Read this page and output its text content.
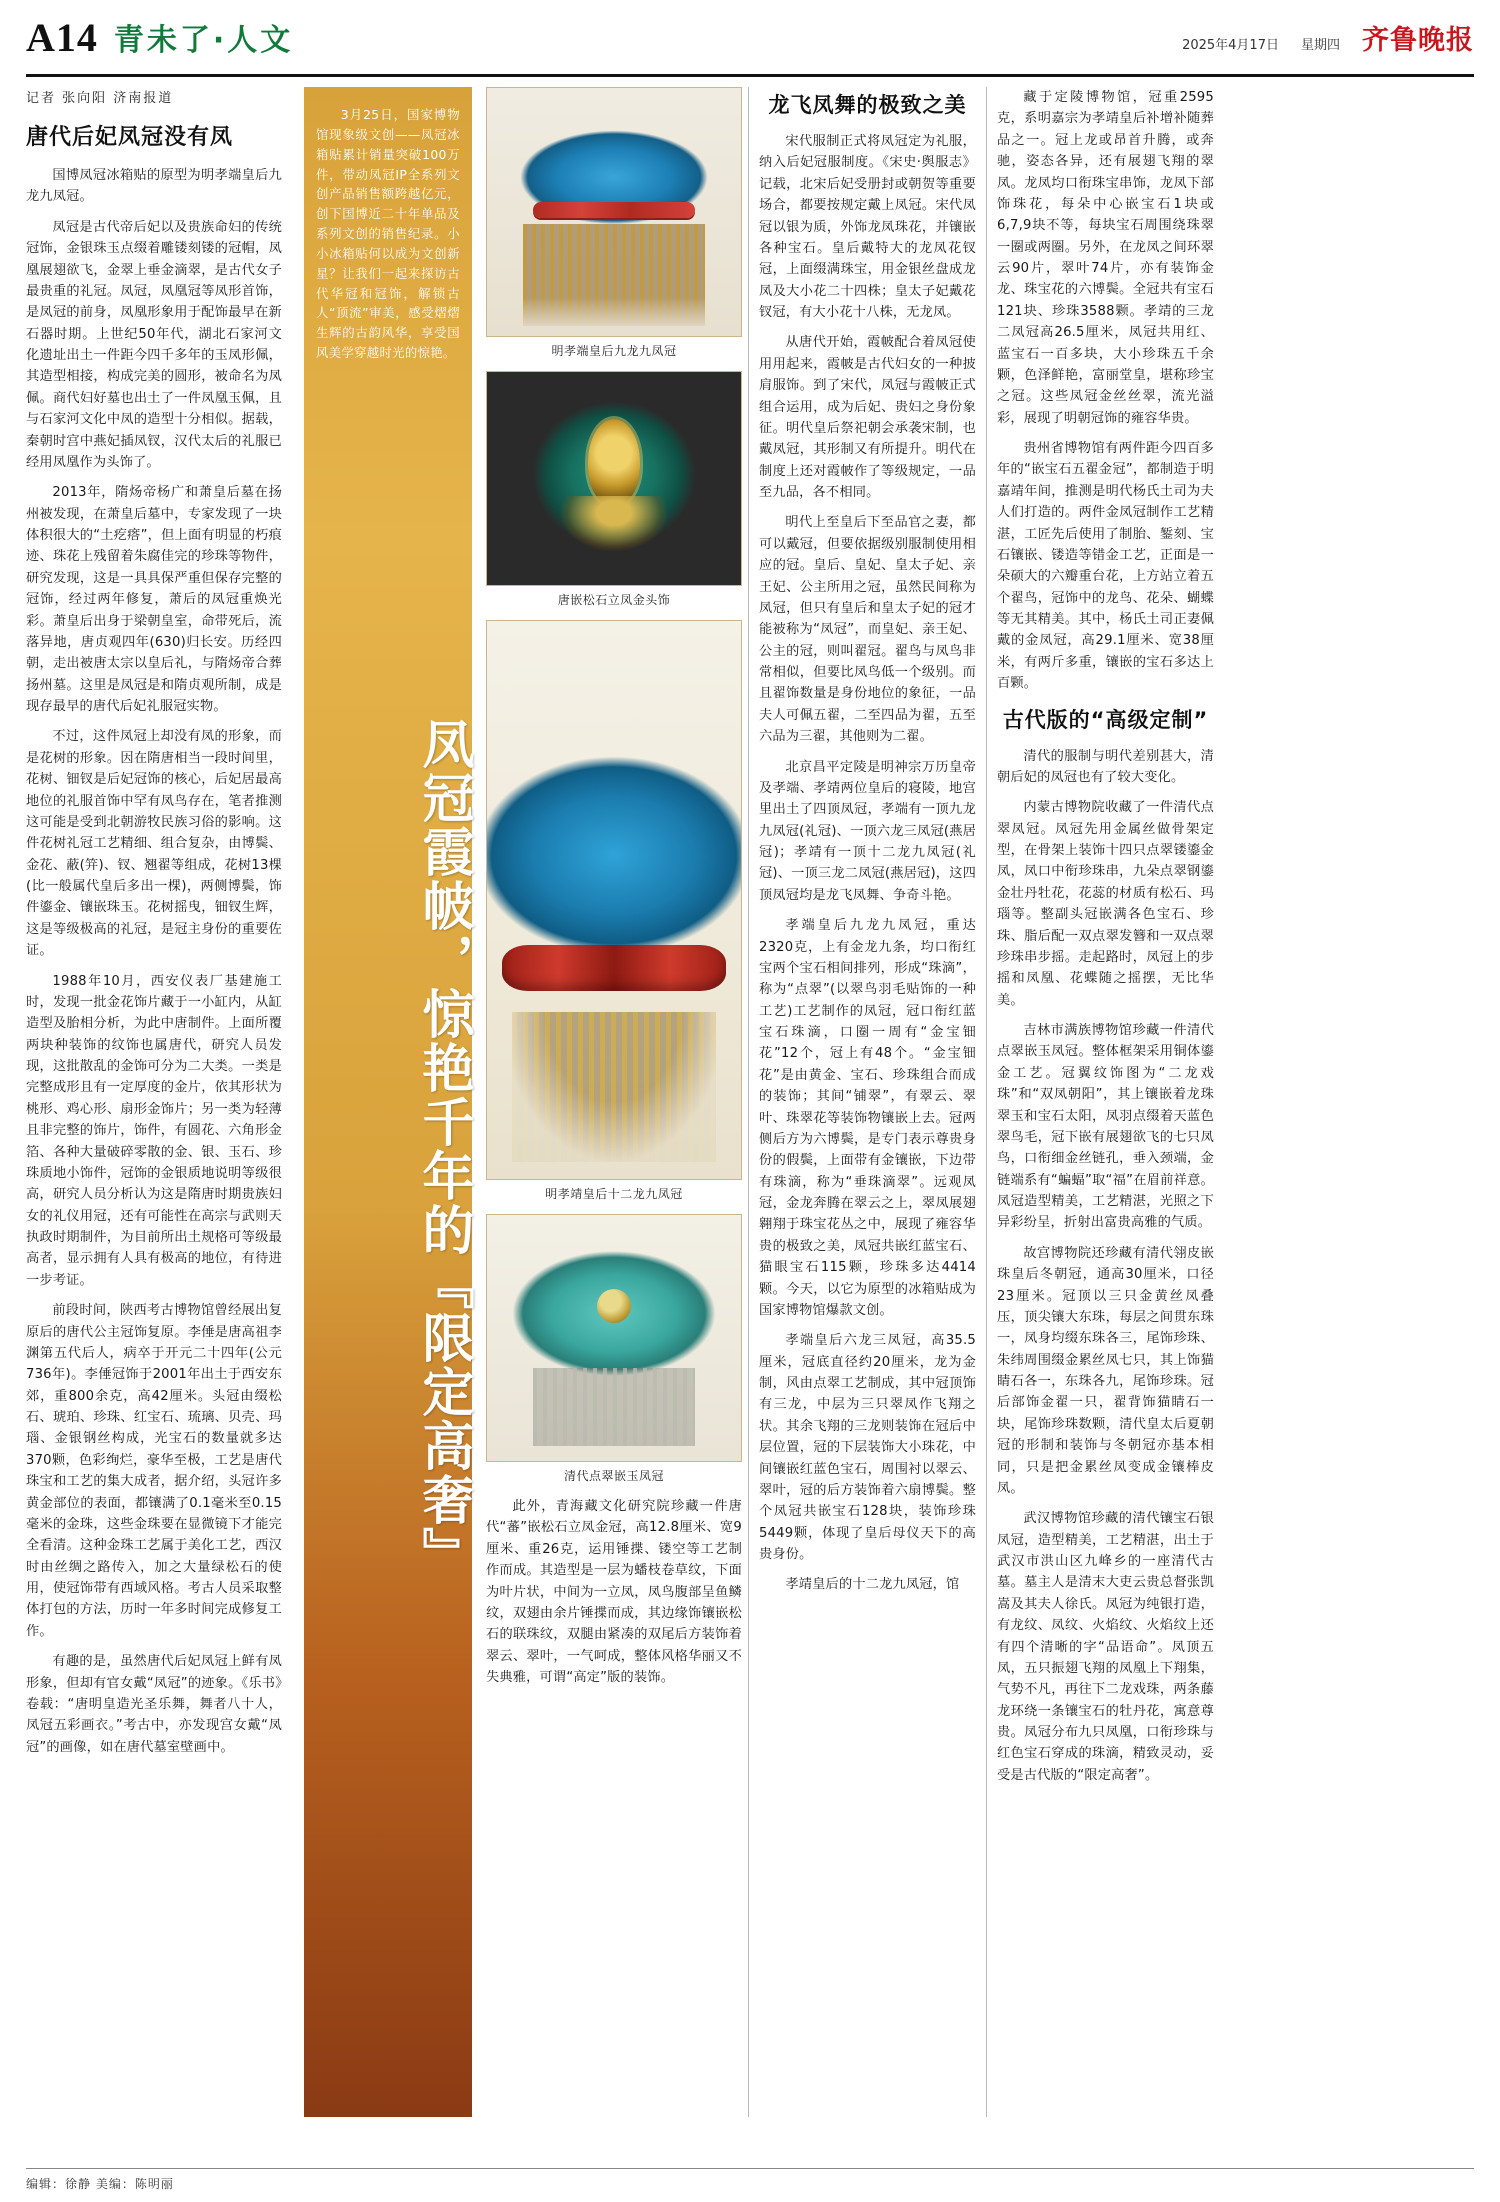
A14 青未了·人文	2025年4月17日 星期四 齐鲁晚报
记者 张向阳 济南报道
唐代后妃凤冠没有凤

国博凤冠冰箱贴的原型为明孝端皇后九龙九凤冠。

凤冠是古代帝后妃以及贵族命妇的传统冠饰，金银珠玉点缀着雕镂刻镂的冠帽，凤凰展翅欲飞，金翠上垂金滴翠，是古代女子最贵重的礼冠。凤冠，凤凰冠等凤形首饰，是凤冠的前身，凤凰形象用于配饰最早在新石器时期。上世纪50年代，湖北石家河文化遗址出土一件距今四千多年的玉凤形佩，其造型相接，构成完美的圆形，被命名为凤佩。商代妇好墓也出土了一件凤凰玉佩，且与石家河文化中凤的造型十分相似。据载，秦朝时宫中燕妃插凤钗，汉代太后的礼服已经用凤凰作为头饰了。

2013年，隋炀帝杨广和萧皇后墓在扬州被发现，在萧皇后墓中，专家发现了一块体积很大的“土疙瘩”，但上面有明显的朽痕迹、珠花上残留着朱腐佳完的珍珠等物件，研究发现，这是一具具保严重但保存完整的冠饰，经过两年修复，萧后的凤冠重焕光彩。萧皇后出身于梁朝皇室，命带死后，流落异地，唐贞观四年(630)归长安。历经四朝，走出被唐太宗以皇后礼，与隋炀帝合葬扬州墓。这里是凤冠是和隋贞观所制，成是现存最早的唐代后妃礼服冠实物。

不过，这件凤冠上却没有凤的形象，而是花树的形象。因在隋唐相当一段时间里，花树、钿钗是后妃冠饰的核心，后妃居最高地位的礼服首饰中罕有凤鸟存在，笔者推测这可能是受到北朝游牧民族习俗的影响。这件花树礼冠工艺精细、组合复杂，由博鬓、金花、蔽(笄)、钗、翘翟等组成，花树13棵(比一般属代皇后多出一棵)，两侧博鬓，饰件鎏金、镶嵌珠玉。花树摇曳，钿钗生辉，这是等级极高的礼冠，是冠主身份的重要佐证。

1988年10月，西安仪表厂基建施工时，发现一批金花饰片藏于一小缸内，从缸造型及胎相分析，为此中唐制件。上面所覆两块种装饰的纹饰也属唐代，研究人员发现，这批散乱的金饰可分为二大类。一类是完整成形且有一定厚度的金片，依其形状为桃形、鸡心形、扇形金饰片；另一类为轻薄且非完整的饰片，饰件，有圆花、六角形金箔、各种大量破碎零散的金、银、玉石、珍珠质地小饰件，冠饰的金银质地说明等级很高，研究人员分析认为这是隋唐时期贵族妇女的礼仪用冠，还有可能性在高宗与武则天执政时期制件，为目前所出土规格可等级最高者，显示拥有人具有极高的地位，有待进一步考证。

前段时间，陕西考古博物馆曾经展出复原后的唐代公主冠饰复原。李倕是唐高祖李渊第五代后人，病卒于开元二十四年(公元736年)。李倕冠饰于2001年出土于西安东郊，重800余克，高42厘米。头冠由缀松石、琥珀、珍珠、红宝石、琉璃、贝壳、玛瑙、金银钢丝构成，光宝石的数量就多达370颗，色彩绚烂，豪华至极，工艺是唐代珠宝和工艺的集大成者，据介绍，头冠许多黄金部位的表面，都镶满了0.1毫米至0.15毫米的金珠，这些金珠要在显微镜下才能完全看清。这种金珠工艺属于美化工艺，西汉时由丝绸之路传入，加之大量绿松石的使用，使冠饰带有西域风格。考古人员采取整体打包的方法，历时一年多时间完成修复工作。

有趣的是，虽然唐代后妃凤冠上鲜有凤形象，但却有官女戴“凤冠”的迹象。《乐书》卷载：“唐明皇造光圣乐舞，舞者八十人，凤冠五彩画衣。”考古中，亦发现宫女戴“凤冠”的画像，如在唐代墓室壁画中。

3月25日，国家博物馆现象级文创——凤冠冰箱贴累计销量突破100万件，带动凤冠IP全系列文创产品销售额跨越亿元，创下国博近二十年单品及系列文创的销售纪录。小小冰箱贴何以成为文创新星？让我们一起来探访古代华冠和冠饰，解锁古人“顶流”审美，感受熠熠生辉的古韵风华，享受国风美学穿越时光的惊艳。
凤冠霞帔，惊艳千年的『限定高奢』
明孝端皇后九龙九凤冠
唐嵌松石立凤金头饰
明孝靖皇后十二龙九凤冠
清代点翠嵌玉凤冠

此外，青海藏文化研究院珍藏一件唐代“蕃”嵌松石立凤金冠，高12.8厘米、宽9厘米、重26克，运用锤揲、镂空等工艺制作而成。其造型是一层为蟠枝卷草纹，下面为叶片状，中间为一立凤，凤鸟腹部呈鱼鳞纹，双翅由余片锤揲而成，其边缘饰镶嵌松石的联珠纹，双腿由紧凑的双尾后方装饰着翠云、翠叶，一气呵成，整体风格华丽又不失典雅，可谓“高定”版的装饰。

龙飞凤舞的极致之美

宋代服制正式将凤冠定为礼服，纳入后妃冠服制度。《宋史·舆服志》记载，北宋后妃受册封或朝贺等重要场合，都要按规定戴上凤冠。宋代凤冠以银为质，外饰龙凤珠花，并镶嵌各种宝石。皇后戴特大的龙凤花钗冠，上面缀满珠宝，用金银丝盘成龙凤及大小花二十四株；皇太子妃戴花钗冠，有大小花十八株，无龙凤。

从唐代开始，霞帔配合着凤冠使用用起来，霞帔是古代妇女的一种披肩服饰。到了宋代，凤冠与霞帔正式组合运用，成为后妃、贵妇之身份象征。明代皇后祭祀朝会承袭宋制，也戴凤冠，其形制又有所提升。明代在制度上还对霞帔作了等级规定，一品至九品，各不相同。

明代上至皇后下至品官之妻，都可以戴冠，但要依据级别服制使用相应的冠。皇后、皇妃、皇太子妃、亲王妃、公主所用之冠，虽然民间称为凤冠，但只有皇后和皇太子妃的冠才能被称为“凤冠”，而皇妃、亲王妃、公主的冠，则叫翟冠。翟鸟与凤鸟非常相似，但要比凤鸟低一个级别。而且翟饰数量是身份地位的象征，一品夫人可佩五翟，二至四品为翟，五至六品为三翟，其他则为二翟。

北京昌平定陵是明神宗万历皇帝及孝端、孝靖两位皇后的寝陵，地宫里出土了四顶凤冠，孝端有一顶九龙九凤冠(礼冠)、一顶六龙三凤冠(燕居冠)；孝靖有一顶十二龙九凤冠(礼冠)、一顶三龙二凤冠(燕居冠)，这四顶凤冠均是龙飞凤舞、争奇斗艳。

孝端皇后九龙九凤冠，重达2320克，上有金龙九条，均口衔红宝两个宝石相间排列，形成“珠滴”，称为“点翠”(以翠鸟羽毛贴饰的一种工艺)工艺制作的凤冠，冠口衔红蓝宝石珠滴，口圈一周有“金宝钿花”12个，冠上有48个。“金宝钿花”是由黄金、宝石、珍珠组合而成的装饰；其间“铺翠”，有翠云、翠叶、珠翠花等装饰物镶嵌上去。冠两侧后方为六博鬓，是专门表示尊贵身份的假鬓，上面带有金镶嵌，下边带有珠滴，称为“垂珠滴翠”。远观凤冠，金龙奔腾在翠云之上，翠凤展翅翱翔于珠宝花丛之中，展现了雍容华贵的极致之美，凤冠共嵌红蓝宝石、猫眼宝石115颗，珍珠多达4414颗。今天，以它为原型的冰箱贴成为国家博物馆爆款文创。

孝端皇后六龙三凤冠，高35.5厘米，冠底直径约20厘米，龙为金制，风由点翠工艺制成，其中冠顶饰有三龙，中层为三只翠凤作飞翔之状。其余飞翔的三龙则装饰在冠后中层位置，冠的下层装饰大小珠花，中间镶嵌红蓝色宝石，周围衬以翠云、翠叶，冠的后方装饰着六扇博鬓。整个凤冠共嵌宝石128块，装饰珍珠5449颗，体现了皇后母仪天下的高贵身份。

孝靖皇后的十二龙九凤冠，馆

藏于定陵博物馆，冠重2595克，系明嘉宗为孝靖皇后补增补随葬品之一。冠上龙或昂首升腾，或奔驰，姿态各异，还有展翅飞翔的翠凤。龙凤均口衔珠宝串饰，龙凤下部饰珠花，每朵中心嵌宝石1块或6,7,9块不等，每块宝石周围绕珠翠一圈或两圈。另外，在龙凤之间环翠云90片，翠叶74片，亦有装饰金龙、珠宝花的六博鬓。全冠共有宝石121块、珍珠3588颗。孝靖的三龙二凤冠高26.5厘米，凤冠共用红、蓝宝石一百多块，大小珍珠五千余颗，色泽鲜艳，富丽堂皇，堪称珍宝之冠。这些凤冠金丝丝翠，流光溢彩，展现了明朝冠饰的雍容华贵。

贵州省博物馆有两件距今四百多年的“嵌宝石五翟金冠”，都制造于明嘉靖年间，推测是明代杨氏土司为夫人们打造的。两件金凤冠制作工艺精湛，工匠先后使用了制胎、錾刻、宝石镶嵌、镂造等错金工艺，正面是一朵硕大的六瓣重台花，上方站立着五个翟鸟，冠饰中的龙鸟、花朵、蝴蝶等无其精美。其中，杨氏土司正妻佩戴的金凤冠，高29.1厘米、宽38厘米，有两斤多重，镶嵌的宝石多达上百颗。

古代版的“高级定制”

清代的服制与明代差别甚大，清朝后妃的凤冠也有了较大变化。

内蒙古博物院收藏了一件清代点翠凤冠。凤冠先用金属丝做骨架定型，在骨架上装饰十四只点翠镂鎏金凤，凤口中衔珍珠串，九朵点翠钢鎏金壮丹牡花，花蕊的材质有松石、玛瑙等。整副头冠嵌满各色宝石、珍珠、脂后配一双点翠发簪和一双点翠珍珠串步摇。走起路时，凤冠上的步摇和凤凰、花蝶随之摇摆，无比华美。

吉林市满族博物馆珍藏一件清代点翠嵌玉凤冠。整体框架采用铜体鎏金工艺。冠翼纹饰图为“二龙戏珠”和“双凤朝阳”，其上镶嵌着龙珠翠玉和宝石太阳，凤羽点缀着天蓝色翠鸟毛，冠下嵌有展翅欲飞的七只凤鸟，口衔细金丝链孔，垂入颈端，金链端系有“蝙蝠”取“福”在眉前祥意。凤冠造型精美，工艺精湛，光照之下异彩纷呈，折射出富贵高雅的气质。

故宫博物院还珍藏有清代翎皮嵌珠皇后冬朝冠，通高30厘米，口径23厘米。冠顶以三只金黄丝凤叠压，顶尖镶大东珠，每层之间贯东珠一，凤身均缀东珠各三，尾饰珍珠、朱纬周围缀金累丝凤七只，其上饰猫睛石各一，东珠各九，尾饰珍珠。冠后部饰金翟一只，翟背饰猫睛石一块，尾饰珍珠数颗，清代皇太后夏朝冠的形制和装饰与冬朝冠亦基本相同，只是把金累丝凤变成金镶棒皮凤。

武汉博物馆珍藏的清代镶宝石银凤冠，造型精美，工艺精湛，出土于武汉市洪山区九峰乡的一座清代古墓。墓主人是清末大吏云贵总督张凯嵩及其夫人徐氏。凤冠为纯银打造，有龙纹、凤纹、火焰纹、火焰纹上还有四个清晰的字“品语命”。凤顶五凤，五只振翅飞翔的凤凰上下翔集，气势不凡，再往下二龙戏珠，两条藤龙环绕一条镶宝石的牡丹花，寓意尊贵。凤冠分布九只凤凰，口衔珍珠与红色宝石穿成的珠滴，精致灵动，妥受是古代版的“限定高奢”。

编辑：徐静 美编：陈明丽
